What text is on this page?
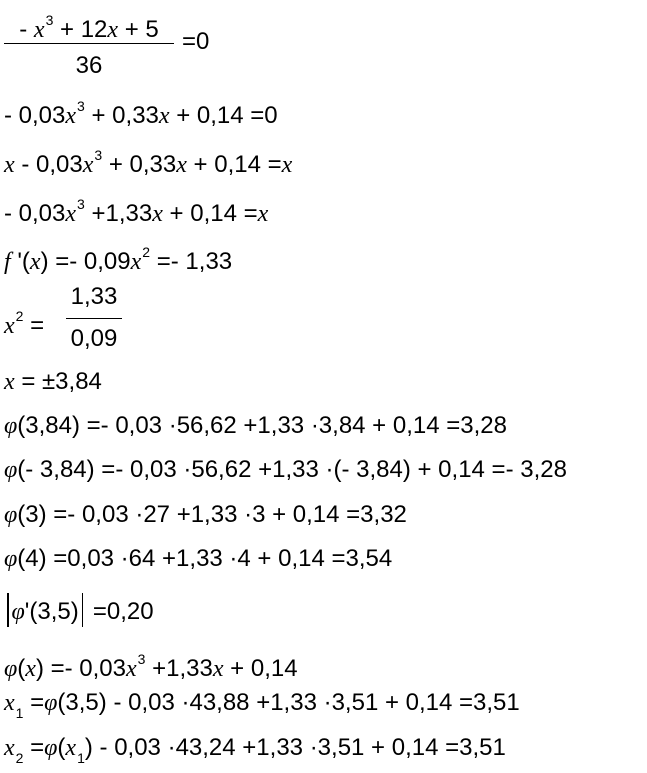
- $x^3 + 12x + 5$
36
=0
- $0,03x^3 + 0,33x + 0,14 =0$
$x - 0,03x^3 + 0,33x + 0,14 =x$
- $0,03x^3 +1,33x + 0,14 =x$
f '$(x) =- 0,09x^2 =- 1,33$
$x^2$ =
1,33
0,09
x = ±3,84
φ(3,84) =- 0,03 ·56,62 +1,33 ·3,84 + 0,14 =3,28
φ(- 3,84) =- 0,03 ·56,62 +1,33 ·(- 3,84) + 0,14 =- 3,28
φ(3) =- 0,03 ·27 +1,33 ·3 + 0,14 =3,32
φ(4) =0,03 ·64 +1,33 ·4 + 0,14 =3,54
φ'(3,5) =0,20
$\varphi(x) =- 0,03x^3 +1,33x + 0,14$
$x_1 =\varphi(3,5) - 0,03 \cdot 43,88 +1,33 \cdot 3,51 + 0,14 =3,51$
$x_2 =\varphi(x_1) - 0,03 \cdot 43,24 +1,33 \cdot 3,51 + 0,14 =3,51$
